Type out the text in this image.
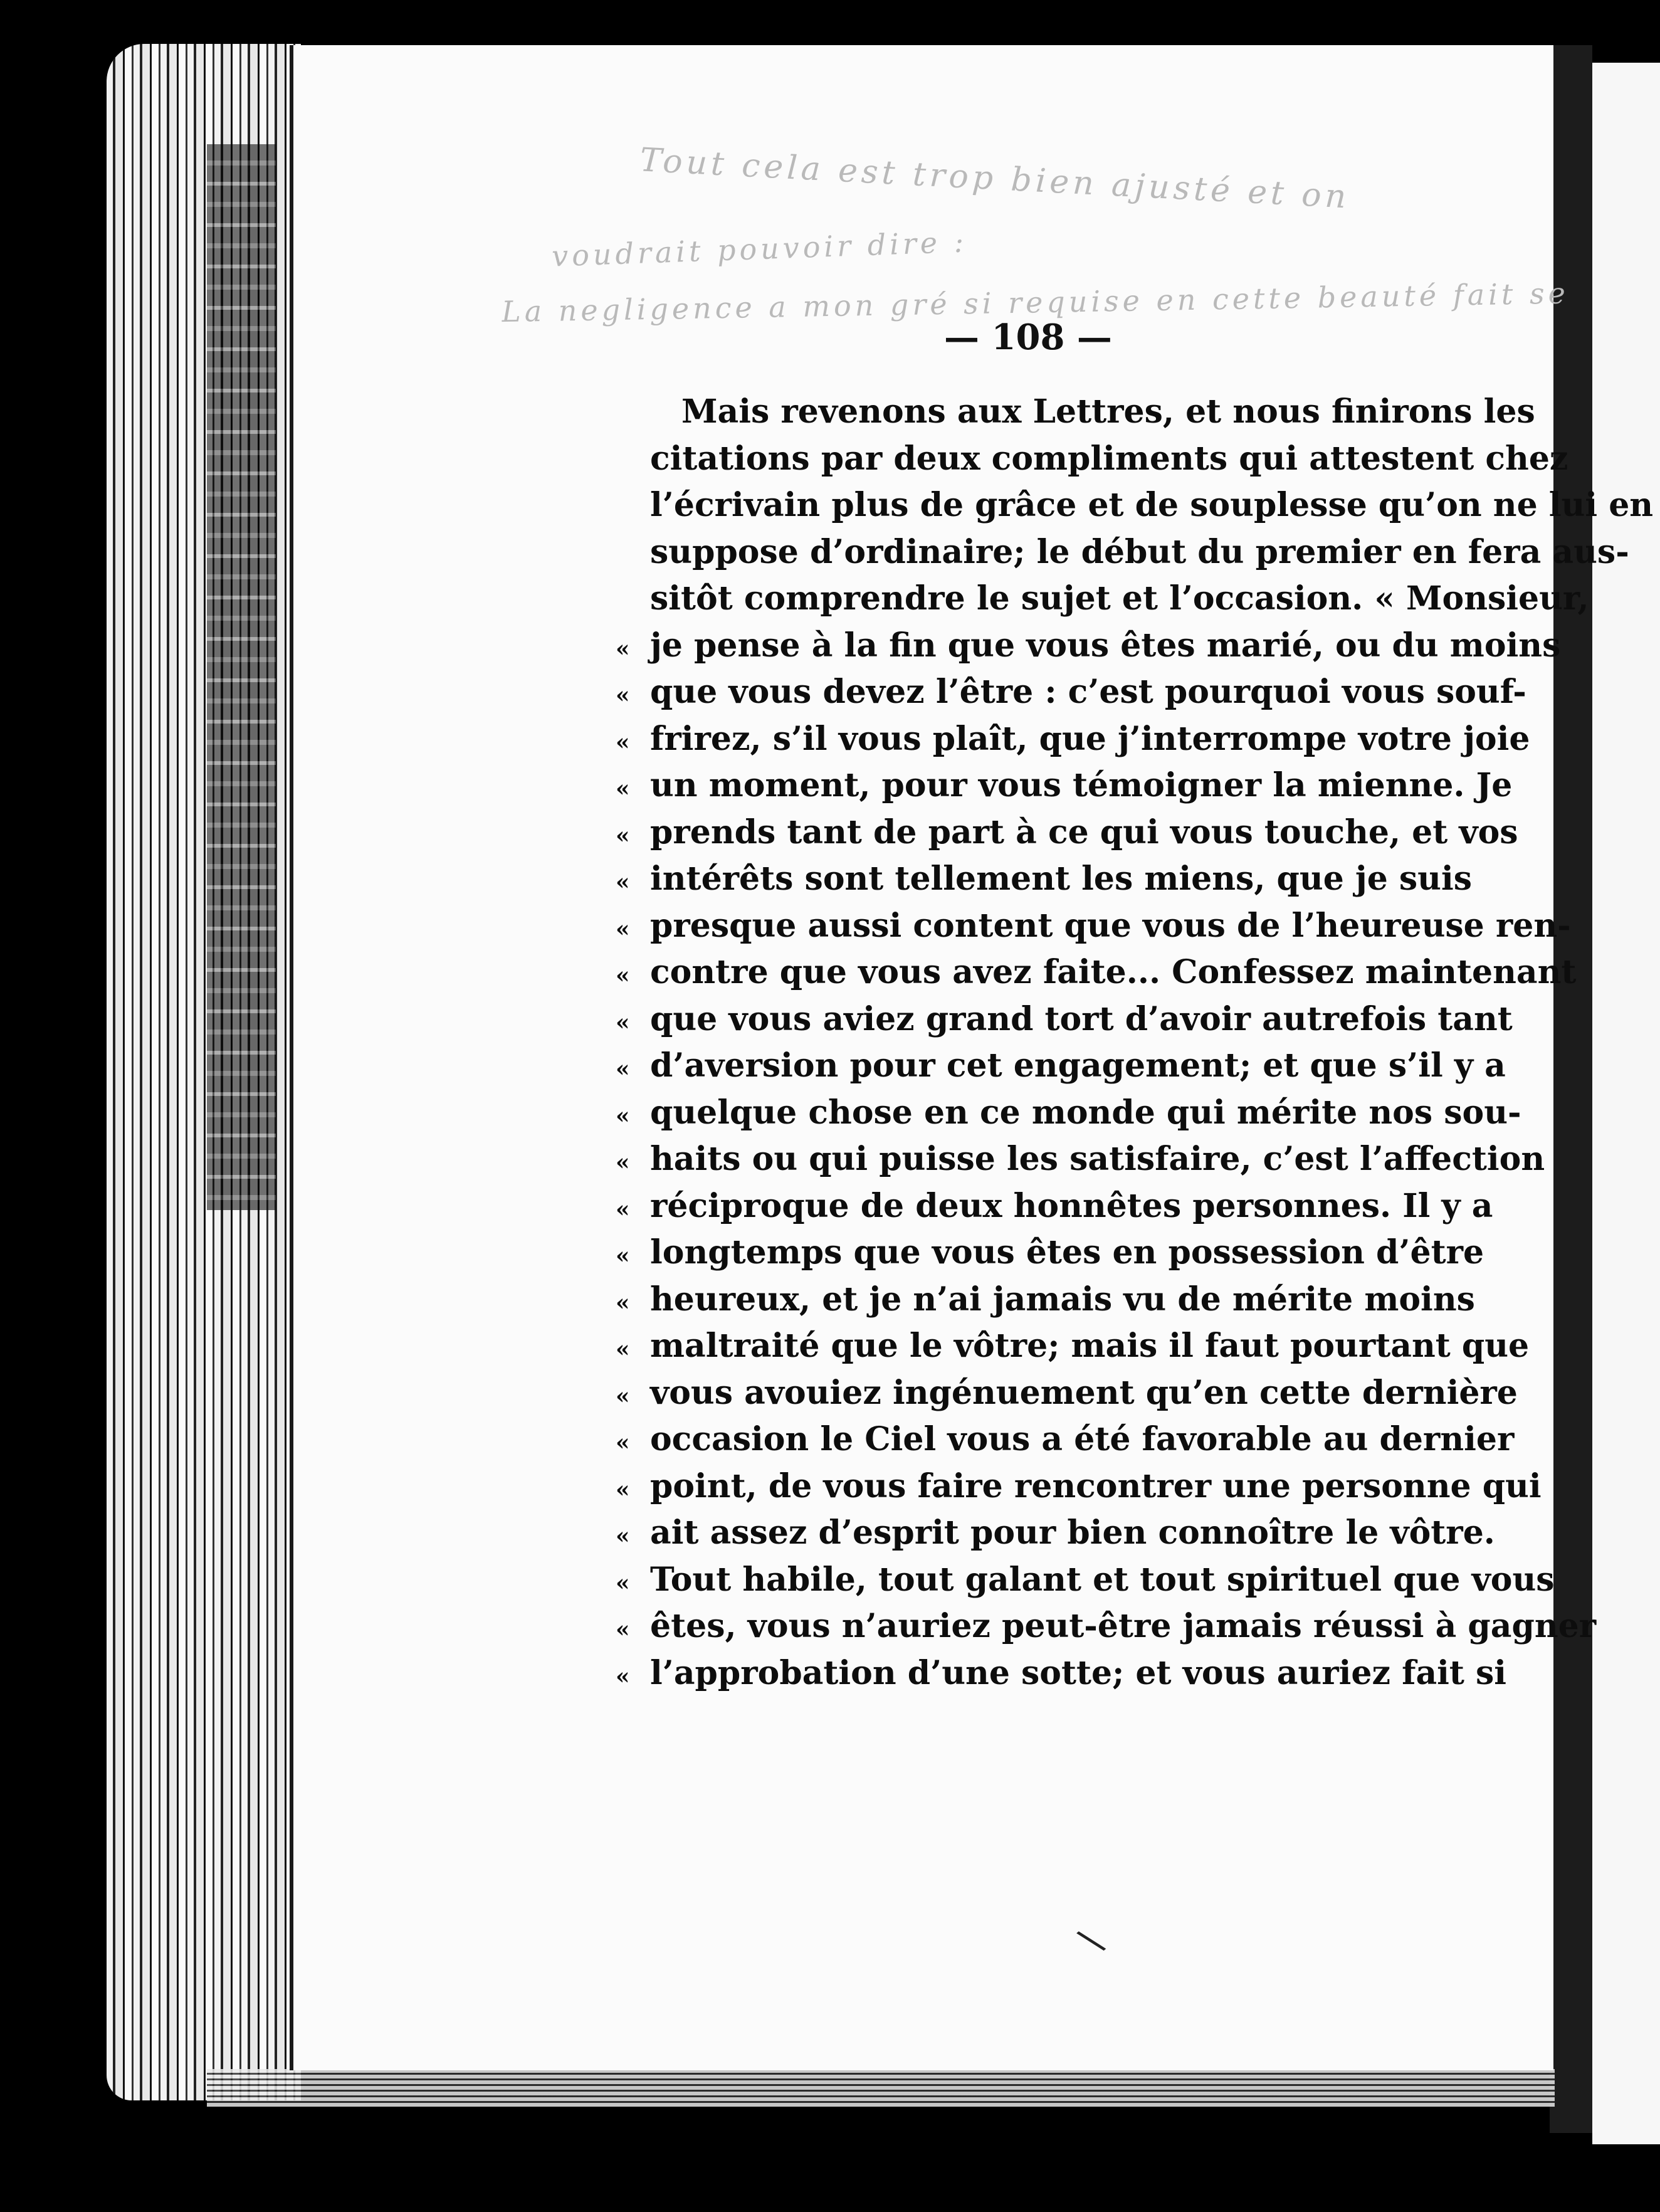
Tout cela est trop bien ajusté et on
voudrait pouvoir dire :
La negligence a mon gré si requise en cette beauté fait se
— 108 —
Mais revenons aux Lettres, et nous finirons les
citations par deux compliments qui attestent chez
l’écrivain plus de grâce et de souplesse qu’on ne lui en
suppose d’ordinaire; le début du premier en fera aus-
sitôt comprendre le sujet et l’occasion. « Monsieur,
« je pense à la fin que vous êtes marié, ou du moins
« que vous devez l’être : c’est pourquoi vous souf-
« frirez, s’il vous plaît, que j’interrompe votre joie
« un moment, pour vous témoigner la mienne. Je
« prends tant de part à ce qui vous touche, et vos
« intérêts sont tellement les miens, que je suis
« presque aussi content que vous de l’heureuse ren-
« contre que vous avez faite... Confessez maintenant
« que vous aviez grand tort d’avoir autrefois tant
« d’aversion pour cet engagement; et que s’il y a
« quelque chose en ce monde qui mérite nos sou-
« haits ou qui puisse les satisfaire, c’est l’affection
« réciproque de deux honnêtes personnes. Il y a
« longtemps que vous êtes en possession d’être
« heureux, et je n’ai jamais vu de mérite moins
« maltraité que le vôtre; mais il faut pourtant que
« vous avouiez ingénuement qu’en cette dernière
« occasion le Ciel vous a été favorable au dernier
« point, de vous faire rencontrer une personne qui
« ait assez d’esprit pour bien connoître le vôtre.
« Tout habile, tout galant et tout spirituel que vous
« êtes, vous n’auriez peut-être jamais réussi à gagner
« l’approbation d’une sotte; et vous auriez fait si
\
